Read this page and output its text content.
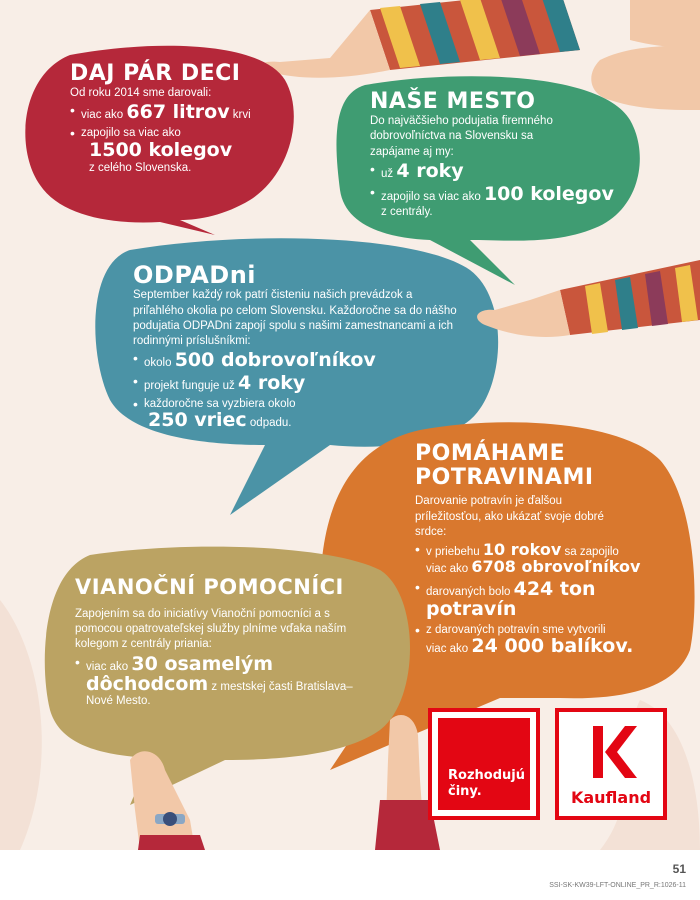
DAJ PÁR DECI

Od roku 2014 sme darovali:

• viac ako 667 litrov krvi
• zapojilo sa viac ako
1500 kolegov
z celého Slovenska.
NAŠE MESTO

Do najväčšieho podujatia firemného dobrovoľníctva na Slovensku sa zapájame aj my:

• už 4 roky
• zapojilo sa viac ako 100 kolegov
z centrály.
ODPADni

September každý rok patrí čisteniu našich prevádzok a priľahlého okolia po celom Slovensku. Každoročne sa do nášho podujatia ODPADni zapojí spolu s našimi zamestnancami a ich rodinnými príslušníkmi:

• okolo 500 dobrovoľníkov
• projekt funguje už 4 roky
• každoročne sa vyzbiera okolo
250 vriec odpadu.
POMÁHAME POTRAVINAMI

Darovanie potravín je ďalšou príležitosťou, ako ukázať svoje dobré srdce:

• v priebehu 10 rokov sa zapojilo
viac ako 6708 obrovoľníkov
• darovaných bolo 424 ton potravín
• z darovaných potravín sme vytvorili
viac ako 24 000 balíkov.
VIANOČNÍ POMOCNÍCI

Zapojením sa do iniciatívy Vianoční pomocníci a s pomocou opatrovateľskej služby plníme vďaka naším kolegom z centrály priania:

• viac ako 30 osamelým dôchodcom z mestskej časti Bratislava–Nové Mesto.
Rozhodujú činy.	Kaufland
51
SSI-SK-KW39-LFT-ONLINE_PR_R:1026-11
